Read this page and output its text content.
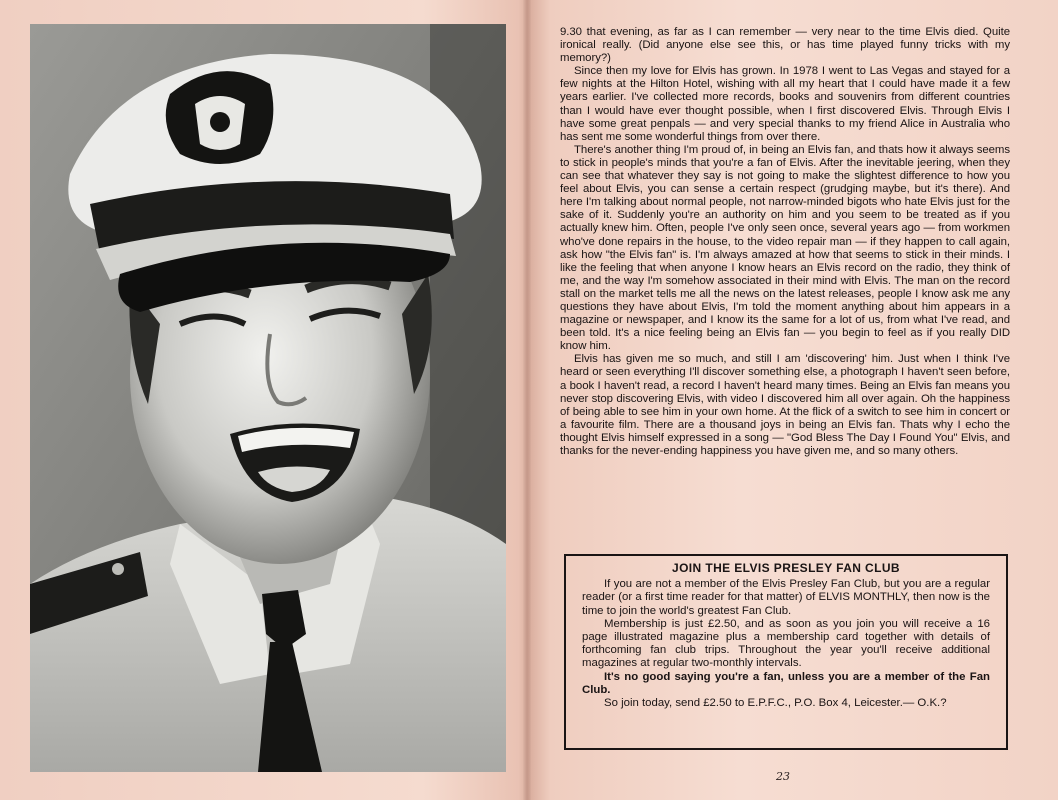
9.30 that evening, as far as I can remember — very near to the time Elvis died. Quite ironical really. (Did anyone else see this, or has time played funny tricks with my memory?)

Since then my love for Elvis has grown. In 1978 I went to Las Vegas and stayed for a few nights at the Hilton Hotel, wishing with all my heart that I could have made it a few years earlier. I've collected more records, books and souvenirs from different countries than I would have ever thought possible, when I first discovered Elvis. Through Elvis I have some great penpals — and very special thanks to my friend Alice in Australia who has sent me some wonderful things from over there.

There's another thing I'm proud of, in being an Elvis fan, and thats how it always seems to stick in people's minds that you're a fan of Elvis. After the inevitable jeering, when they can see that whatever they say is not going to make the slightest difference to how you feel about Elvis, you can sense a certain respect (grudging maybe, but it's there). And here I'm talking about normal people, not narrow-minded bigots who hate Elvis just for the sake of it. Suddenly you're an authority on him and you seem to be treated as if you actually knew him. Often, people I've only seen once, several years ago — from workmen who've done repairs in the house, to the video repair man — if they happen to call again, ask how "the Elvis fan" is. I'm always amazed at how that seems to stick in their minds. I like the feeling that when anyone I know hears an Elvis record on the radio, they think of me, and the way I'm somehow associated in their mind with Elvis. The man on the record stall on the market tells me all the news on the latest releases, people I know ask me any questions they have about Elvis, I'm told the moment anything about him appears in a magazine or newspaper, and I know its the same for a lot of us, from what I've read, and been told. It's a nice feeling being an Elvis fan — you begin to feel as if you really DID know him.

Elvis has given me so much, and still I am 'discovering' him. Just when I think I've heard or seen everything I'll discover something else, a photograph I haven't seen before, a book I haven't read, a record I haven't heard many times. Being an Elvis fan means you never stop discovering Elvis, with video I discovered him all over again. Oh the happiness of being able to see him in your own home. At the flick of a switch to see him in concert or a favourite film. There are a thousand joys in being an Elvis fan. Thats why I echo the thought Elvis himself expressed in a song — "God Bless The Day I Found You" Elvis, and thanks for the never-ending happiness you have given me, and so many others.

JOIN THE ELVIS PRESLEY FAN CLUB

If you are not a member of the Elvis Presley Fan Club, but you are a regular reader (or a first time reader for that matter) of ELVIS MONTHLY, then now is the time to join the world's greatest Fan Club.

Membership is just £2.50, and as soon as you join you will receive a 16 page illustrated magazine plus a membership card together with details of forthcoming fan club trips. Throughout the year you'll receive additional magazines at regular two-monthly intervals.

It's no good saying you're a fan, unless you are a member of the Fan Club.

So join today, send £2.50 to E.P.F.C., P.O. Box 4, Leicester.— O.K.?

23
